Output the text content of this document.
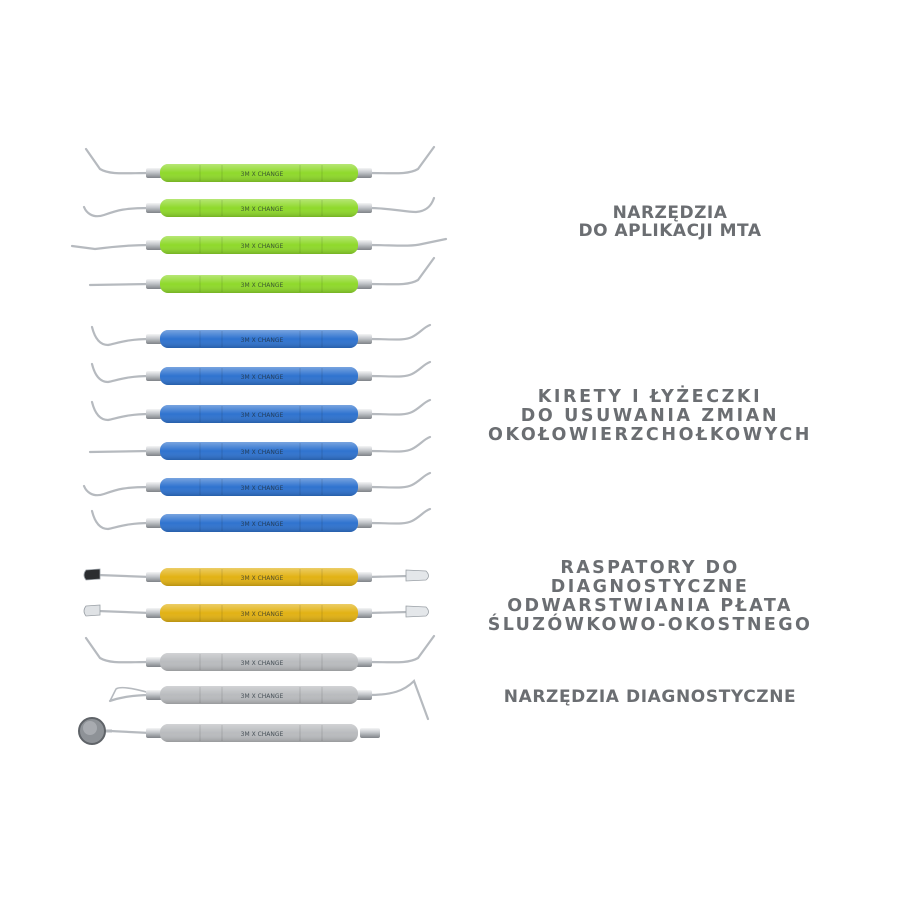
3M X CHANGE
3M X CHANGE
3M X CHANGE
3M X CHANGE
3M X CHANGE
3M X CHANGE
3M X CHANGE
3M X CHANGE
3M X CHANGE
3M X CHANGE
3M X CHANGE
3M X CHANGE
3M X CHANGE
3M X CHANGE
3M X CHANGE
NARZĘDZIA
DO APLIKACJI MTA
KIRETY I ŁYŻECZKI
DO USUWANIA ZMIAN
OKOŁOWIERZCHOŁKOWYCH
RASPATORY DO
DIAGNOSTYCZNE
ODWARSTWIANIA PŁATA
ŚLUZÓWKOWO-OKOSTNEGO
NARZĘDZIA DIAGNOSTYCZNE
